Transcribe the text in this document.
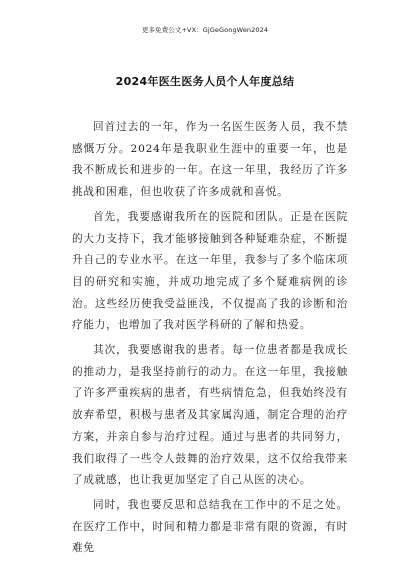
更多免费公文+VX：GjGeGongWen2024
2024年医生医务人员个人年度总结

回首过去的一年，作为一名医生医务人员，我不禁感慨万分。2024年是我职业生涯中的重要一年，也是我不断成长和进步的一年。在这一年里，我经历了许多挑战和困难，但也收获了许多成就和喜悦。

首先，我要感谢我所在的医院和团队。正是在医院的大力支持下，我才能够接触到各种疑难杂症，不断提升自己的专业水平。在这一年里，我参与了多个临床项目的研究和实施，并成功地完成了多个疑难病例的诊治。这些经历使我受益匪浅，不仅提高了我的诊断和治疗能力，也增加了我对医学科研的了解和热爱。

其次，我要感谢我的患者。每一位患者都是我成长的推动力，是我坚持前行的动力。在这一年里，我接触了许多严重疾病的患者，有些病情危急，但我始终没有放弃希望，积极与患者及其家属沟通，制定合理的治疗方案，并亲自参与治疗过程。通过与患者的共同努力，我们取得了一些令人鼓舞的治疗效果，这不仅给我带来了成就感，也让我更加坚定了自己从医的决心。

同时，我也要反思和总结我在工作中的不足之处。在医疗工作中，时间和精力都是非常有限的资源，有时难免
